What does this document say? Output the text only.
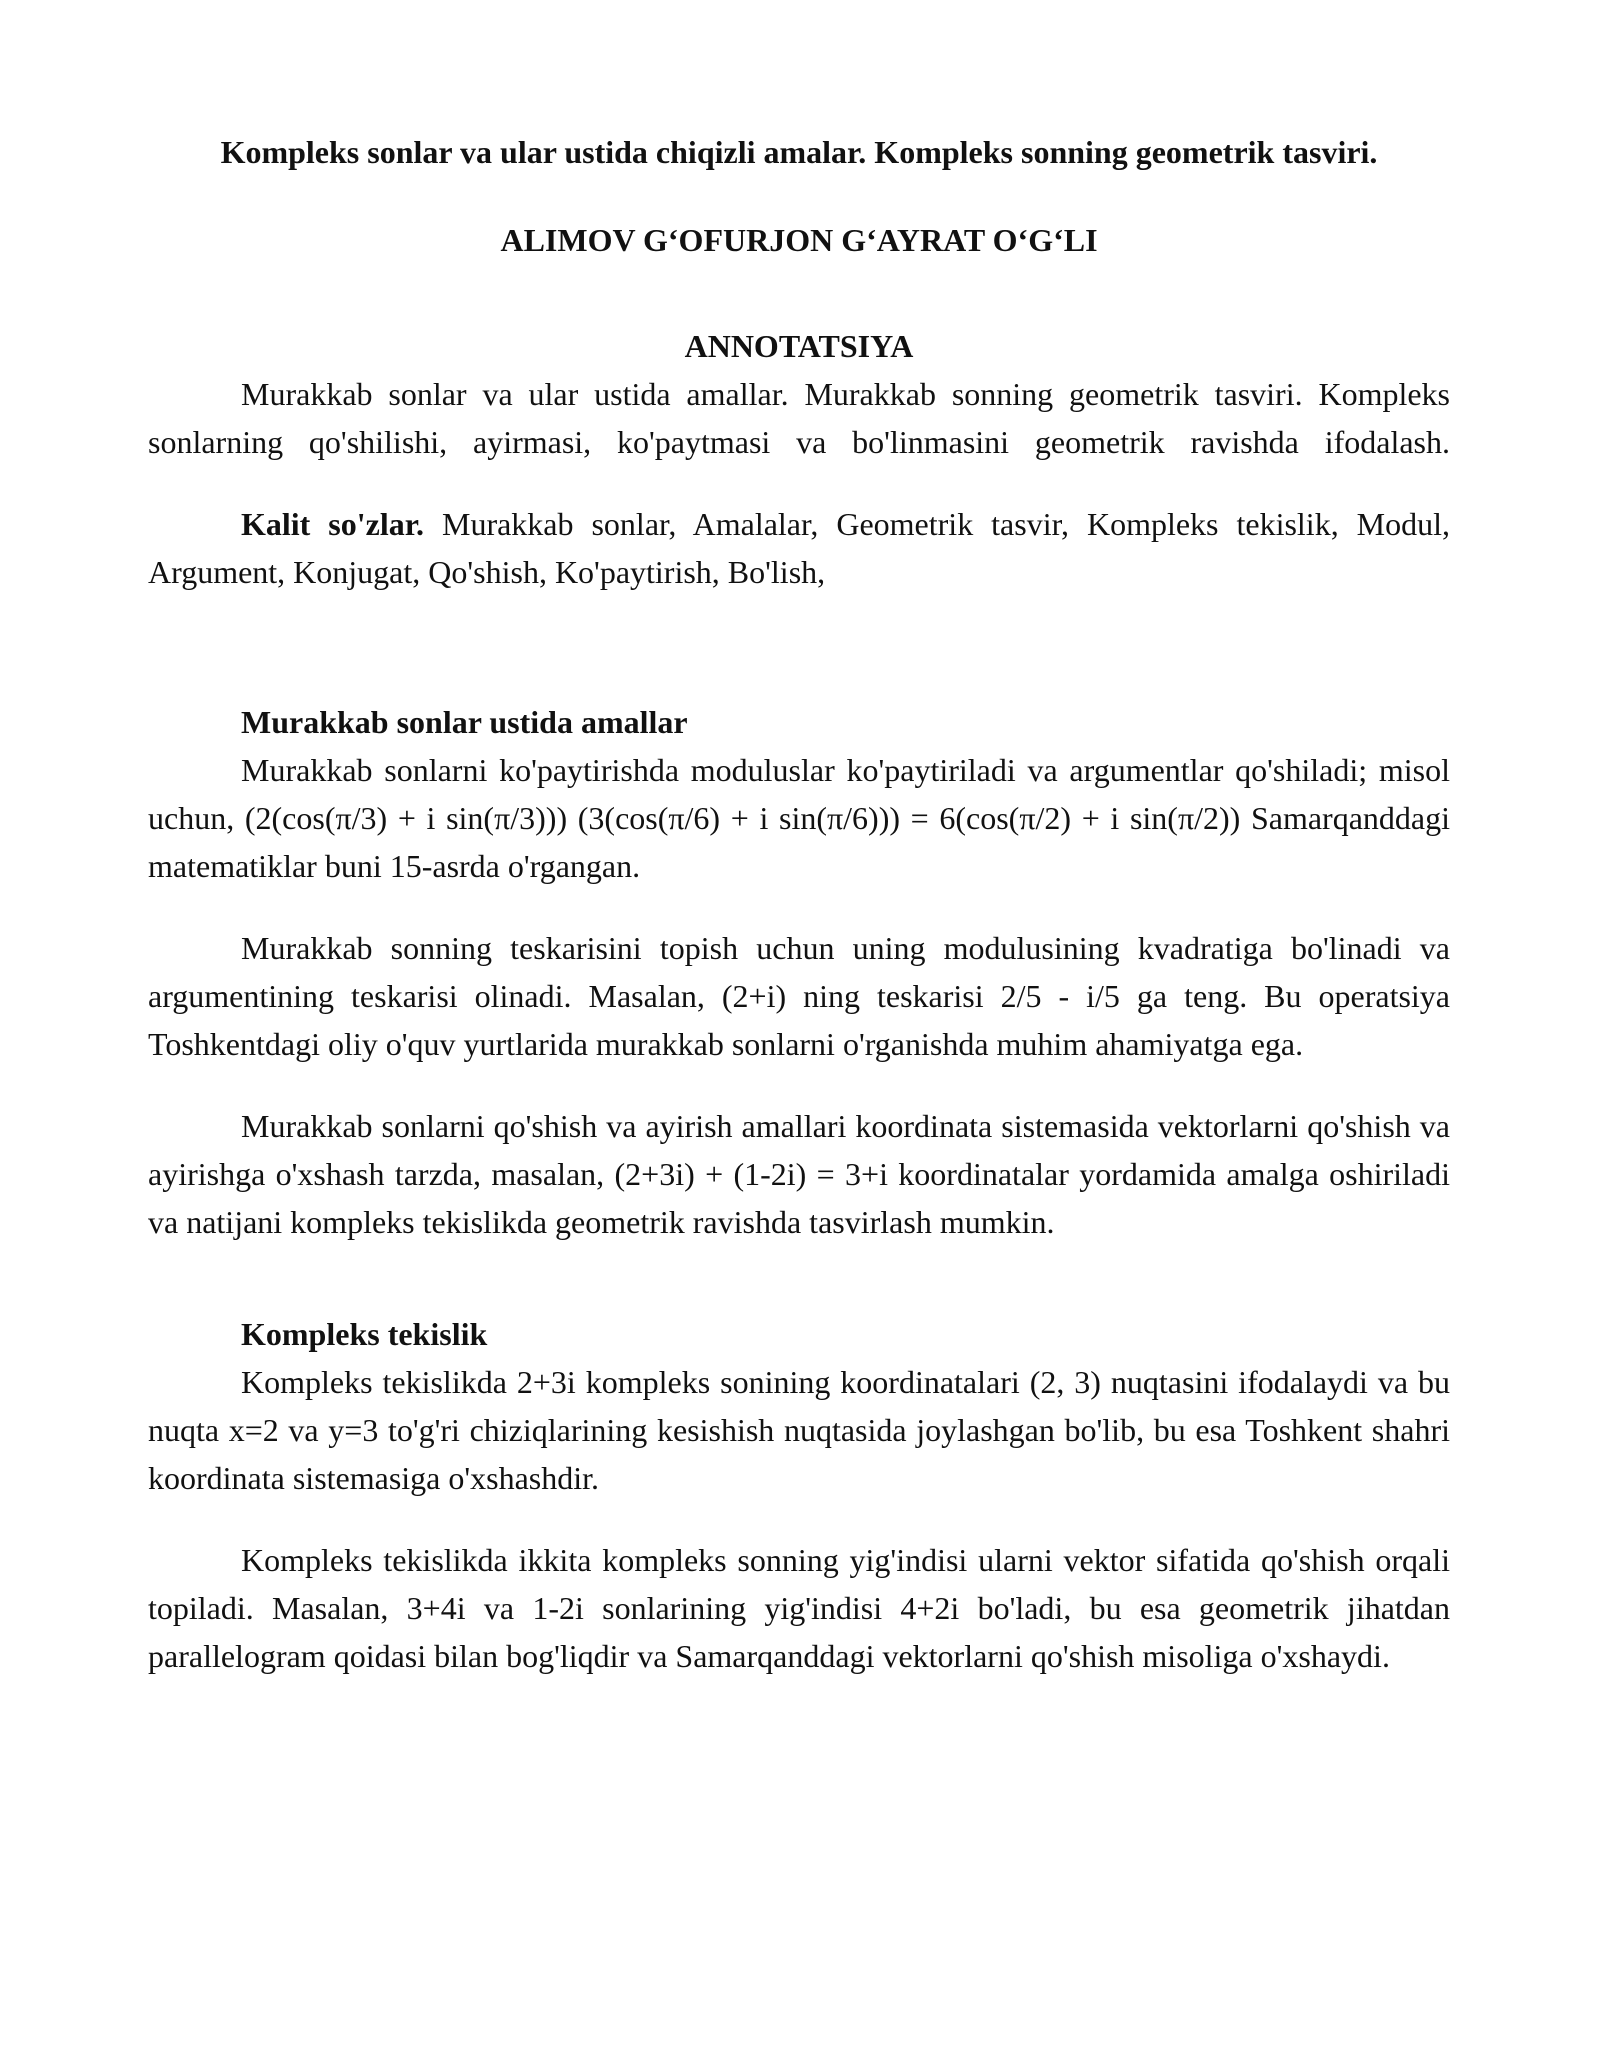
Kompleks sonlar va ular ustida chiqizli amalar. Kompleks sonning geometrik tasviri.
ALIMOV G‘OFURJON G‘AYRAT O‘G‘LI
ANNOTATSIYA

Murakkab sonlar va ular ustida amallar. Murakkab sonning geometrik tasviri. Kompleks sonlarning qo'shilishi, ayirmasi, ko'paytmasi va bo'linmasini geometrik ravishda ifodalash.

Kalit so'zlar. Murakkab sonlar, Amalalar, Geometrik tasvir, Kompleks tekislik, Modul, Argument, Konjugat, Qo'shish, Ko'paytirish, Bo'lish,

Murakkab sonlar ustida amallar

Murakkab sonlarni ko'paytirishda moduluslar ko'paytiriladi va argumentlar qo'shiladi; misol uchun, (2(cos(π/3) + i sin(π/3))) (3(cos(π/6) + i sin(π/6))) = 6(cos(π/2) + i sin(π/2)) Samarqanddagi matematiklar buni 15-asrda o'rgangan.

Murakkab sonning teskarisini topish uchun uning modulusining kvadratiga bo'linadi va argumentining teskarisi olinadi. Masalan, (2+i) ning teskarisi 2/5 - i/5 ga teng. Bu operatsiya Toshkentdagi oliy o'quv yurtlarida murakkab sonlarni o'rganishda muhim ahamiyatga ega.

Murakkab sonlarni qo'shish va ayirish amallari koordinata sistemasida vektorlarni qo'shish va ayirishga o'xshash tarzda, masalan, (2+3i) + (1-2i) = 3+i koordinatalar yordamida amalga oshiriladi va natijani kompleks tekislikda geometrik ravishda tasvirlash mumkin.

Kompleks tekislik

Kompleks tekislikda 2+3i kompleks sonining koordinatalari (2, 3) nuqtasini ifodalaydi va bu nuqta x=2 va y=3 to'g'ri chiziqlarining kesishish nuqtasida joylashgan bo'lib, bu esa Toshkent shahri koordinata sistemasiga o'xshashdir.

Kompleks tekislikda ikkita kompleks sonning yig'indisi ularni vektor sifatida qo'shish orqali topiladi. Masalan, 3+4i va 1-2i sonlarining yig'indisi 4+2i bo'ladi, bu esa geometrik jihatdan parallelogram qoidasi bilan bog'liqdir va Samarqanddagi vektorlarni qo'shish misoliga o'xshaydi.
